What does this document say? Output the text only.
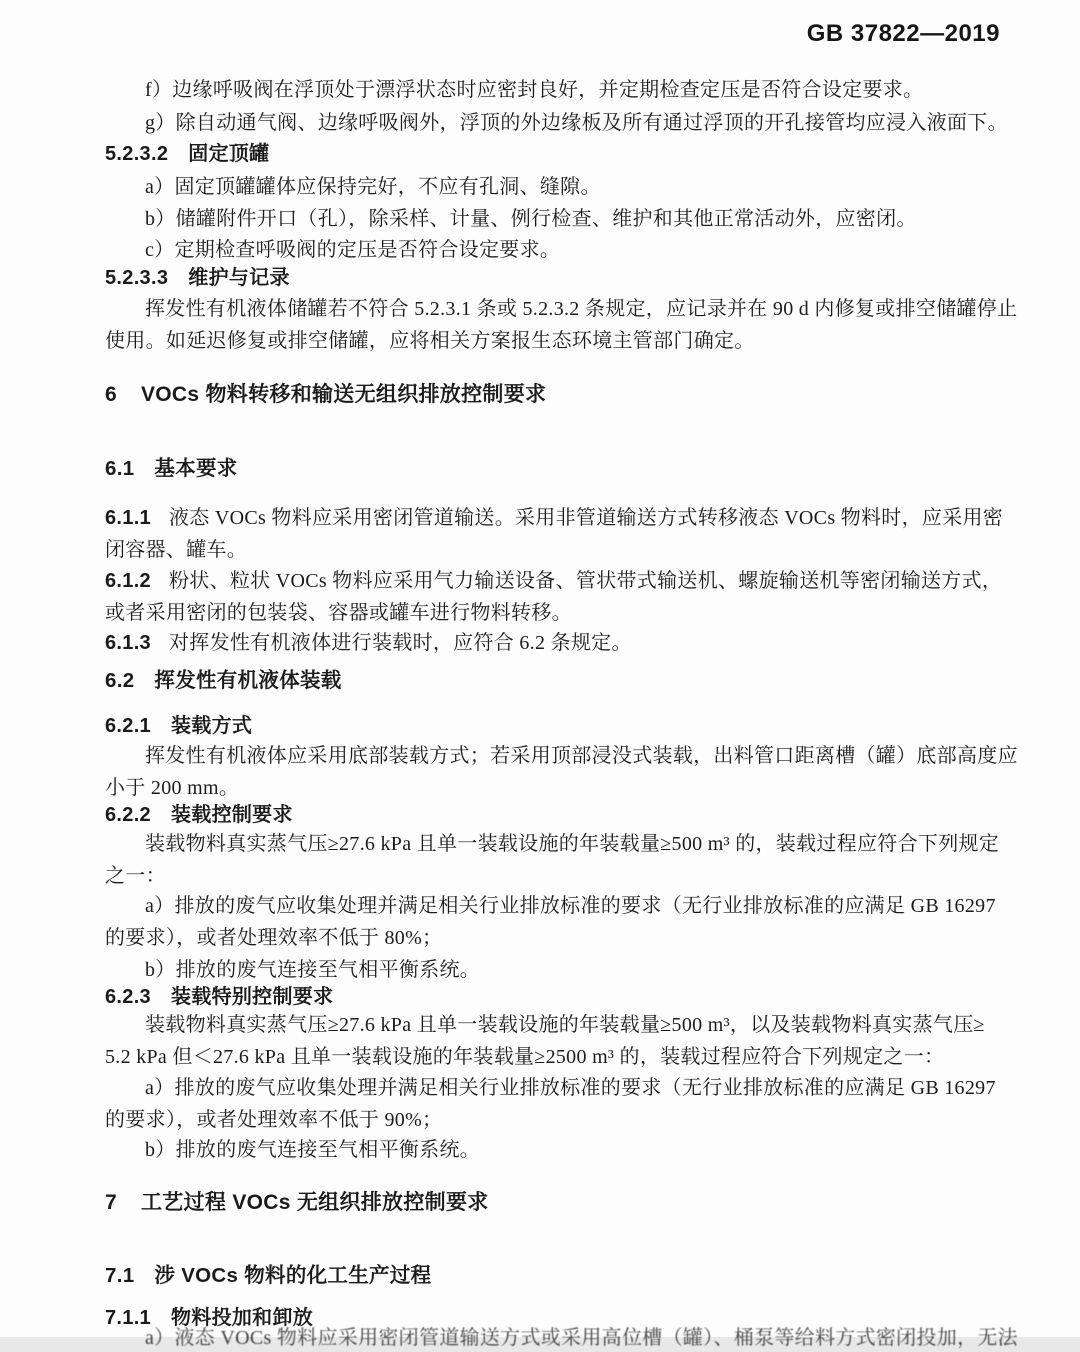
GB 37822—2019
f）边缘呼吸阀在浮顶处于漂浮状态时应密封良好，并定期检查定压是否符合设定要求。
g）除自动通气阀、边缘呼吸阀外，浮顶的外边缘板及所有通过浮顶的开孔接管均应浸入液面下。
5.2.3.2 固定顶罐
a）固定顶罐罐体应保持完好，不应有孔洞、缝隙。
b）储罐附件开口（孔），除采样、计量、例行检查、维护和其他正常活动外，应密闭。
c）定期检查呼吸阀的定压是否符合设定要求。
5.2.3.3 维护与记录
挥发性有机液体储罐若不符合 5.2.3.1 条或 5.2.3.2 条规定，应记录并在 90 d 内修复或排空储罐停止
使用。如延迟修复或排空储罐，应将相关方案报生态环境主管部门确定。
6 VOCs 物料转移和输送无组织排放控制要求
6.1 基本要求
6.1.1 液态 VOCs 物料应采用密闭管道输送。采用非管道输送方式转移液态 VOCs 物料时，应采用密
闭容器、罐车。
6.1.2 粉状、粒状 VOCs 物料应采用气力输送设备、管状带式输送机、螺旋输送机等密闭输送方式，
或者采用密闭的包装袋、容器或罐车进行物料转移。
6.1.3 对挥发性有机液体进行装载时，应符合 6.2 条规定。
6.2 挥发性有机液体装载
6.2.1 装载方式
挥发性有机液体应采用底部装载方式；若采用顶部浸没式装载，出料管口距离槽（罐）底部高度应
小于 200 mm。
6.2.2 装载控制要求
装载物料真实蒸气压≥27.6 kPa 且单一装载设施的年装载量≥500 m³ 的，装载过程应符合下列规定
之一：
a）排放的废气应收集处理并满足相关行业排放标准的要求（无行业排放标准的应满足 GB 16297
的要求），或者处理效率不低于 80%；
b）排放的废气连接至气相平衡系统。
6.2.3 装载特别控制要求
装载物料真实蒸气压≥27.6 kPa 且单一装载设施的年装载量≥500 m³，以及装载物料真实蒸气压≥
5.2 kPa 但＜27.6 kPa 且单一装载设施的年装载量≥2500 m³ 的，装载过程应符合下列规定之一：
a）排放的废气应收集处理并满足相关行业排放标准的要求（无行业排放标准的应满足 GB 16297
的要求），或者处理效率不低于 90%；
b）排放的废气连接至气相平衡系统。
7 工艺过程 VOCs 无组织排放控制要求
7.1 涉 VOCs 物料的化工生产过程
7.1.1 物料投加和卸放
a）液态 VOCs 物料应采用密闭管道输送方式或采用高位槽（罐）、桶泵等给料方式密闭投加，无法
